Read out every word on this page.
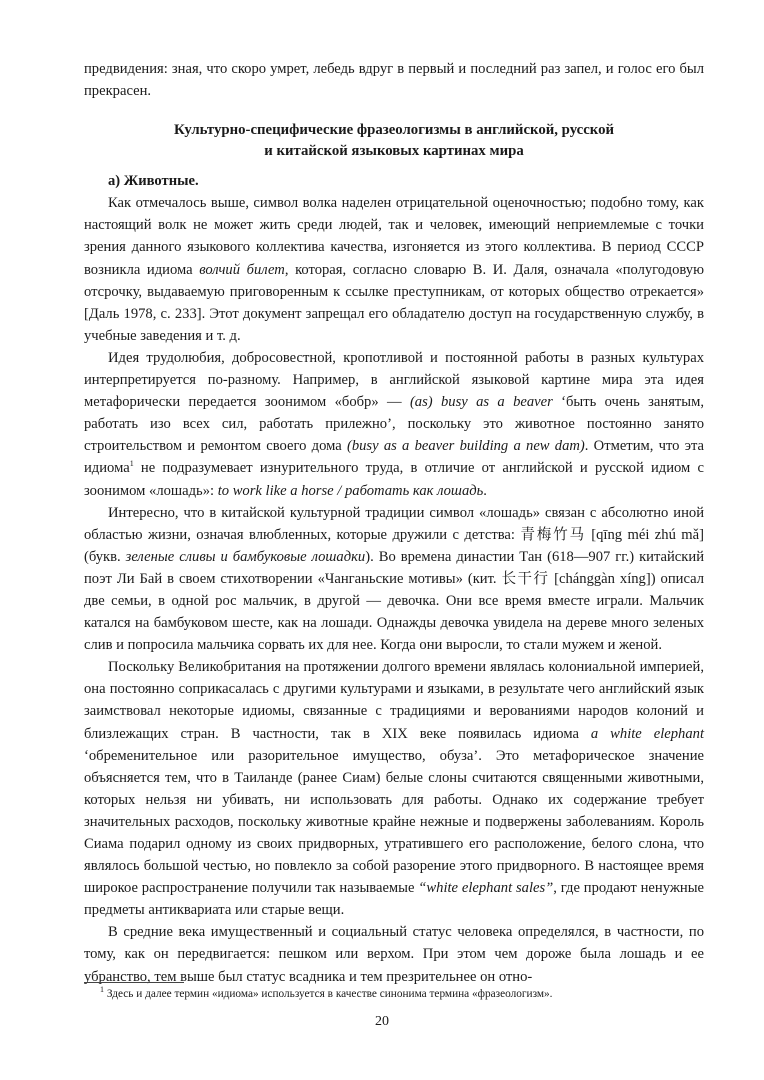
предвидения: зная, что скоро умрет, лебедь вдруг в первый и последний раз запел, и голос его был прекрасен.

Культурно-специфические фразеологизмы в английской, русской
и китайской языковых картинах мира

а) Животные.

Как отмечалось выше, символ волка наделен отрицательной оценочностью; подобно тому, как настоящий волк не может жить среди людей, так и человек, имеющий неприемлемые с точки зрения данного языкового коллектива качества, изгоняется из этого коллектива. В период СССР возникла идиома волчий билет, которая, согласно словарю В. И. Даля, означала «полугодовую отсрочку, выдаваемую приговоренным к ссылке преступникам, от которых общество отрекается» [Даль 1978, с. 233]. Этот документ запрещал его обладателю доступ на государственную службу, в учебные заведения и т. д.

Идея трудолюбия, добросовестной, кропотливой и постоянной работы в разных культурах интерпретируется по-разному. Например, в английской языковой картине мира эта идея метафорически передается зоонимом «бобр» — (as) busy as a beaver ‘быть очень занятым, работать изо всех сил, работать прилежно’, поскольку это животное постоянно занято строительством и ремонтом своего дома (busy as a beaver building a new dam). Отметим, что эта идиома$^1$ не подразумевает изнурительного труда, в отличие от английской и русской идиом с зоонимом «лошадь»: to work like a horse / работать как лошадь.

Интересно, что в китайской культурной традиции символ «лошадь» связан с абсолютно иной областью жизни, означая влюбленных, которые дружили с детства: 青梅竹马 [qīng méi zhú mǎ] (букв. зеленые сливы и бамбуковые лошадки). Во времена династии Тан (618—907 гг.) китайский поэт Ли Бай в своем стихотворении «Чанганьские мотивы» (кит. 长干行 [chánggàn xíng]) описал две семьи, в одной рос мальчик, в другой — девочка. Они все время вместе играли. Мальчик катался на бамбуковом шесте, как на лошади. Однажды девочка увидела на дереве много зеленых слив и попросила мальчика сорвать их для нее. Когда они выросли, то стали мужем и женой.

Поскольку Великобритания на протяжении долгого времени являлась колониальной империей, она постоянно соприкасалась с другими культурами и языками, в результате чего английский язык заимствовал некоторые идиомы, связанные с традициями и верованиями народов колоний и близлежащих стран. В частности, так в XIX веке появилась идиома a white elephant ‘обременительное или разорительное имущество, обуза’. Это метафорическое значение объясняется тем, что в Таиланде (ранее Сиам) белые слоны считаются священными животными, которых нельзя ни убивать, ни использовать для работы. Однако их содержание требует значительных расходов, поскольку животные крайне нежные и подвержены заболеваниям. Король Сиама подарил одному из своих придворных, утратившего его расположение, белого слона, что являлось большой честью, но повлекло за собой разорение этого придворного. В настоящее время широкое распространение получили так называемые “white elephant sales”, где продают ненужные предметы антиквариата или старые вещи.

В средние века имущественный и социальный статус человека определялся, в частности, по тому, как он передвигается: пешком или верхом. При этом чем дороже была лошадь и ее убранство, тем выше был статус всадника и тем презрительнее он отно-

$^1$ Здесь и далее термин «идиома» используется в качестве синонима термина «фразеологизм».
20
